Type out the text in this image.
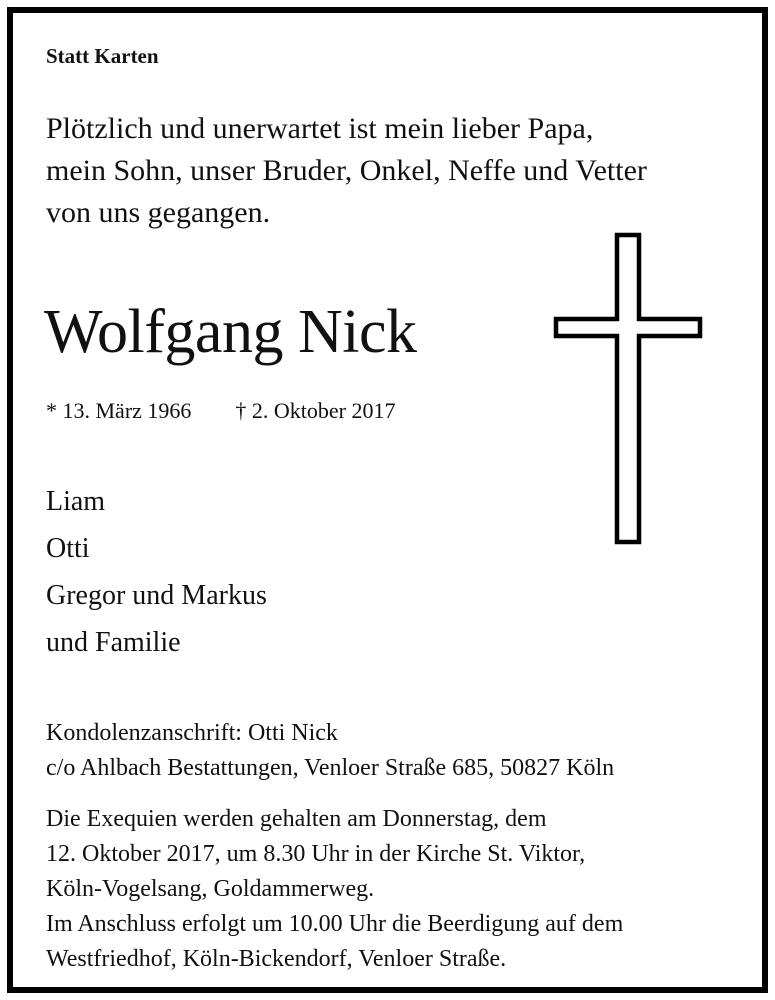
Statt Karten

Plötzlich und unerwartet ist mein lieber Papa,
mein Sohn, unser Bruder, Onkel, Neffe und Vetter
von uns gegangen.

Wolfgang Nick

* 13. März 1966 † 2. Oktober 2017

Liam
Otti
Gregor und Markus
und Familie

Kondolenzanschrift: Otti Nick
c/o Ahlbach Bestattungen, Venloer Straße 685, 50827 Köln

Die Exequien werden gehalten am Donnerstag, dem
12. Oktober 2017, um 8.30 Uhr in der Kirche St. Viktor,
Köln-Vogelsang, Goldammerweg.
Im Anschluss erfolgt um 10.00 Uhr die Beerdigung auf dem
Westfriedhof, Köln-Bickendorf, Venloer Straße.
